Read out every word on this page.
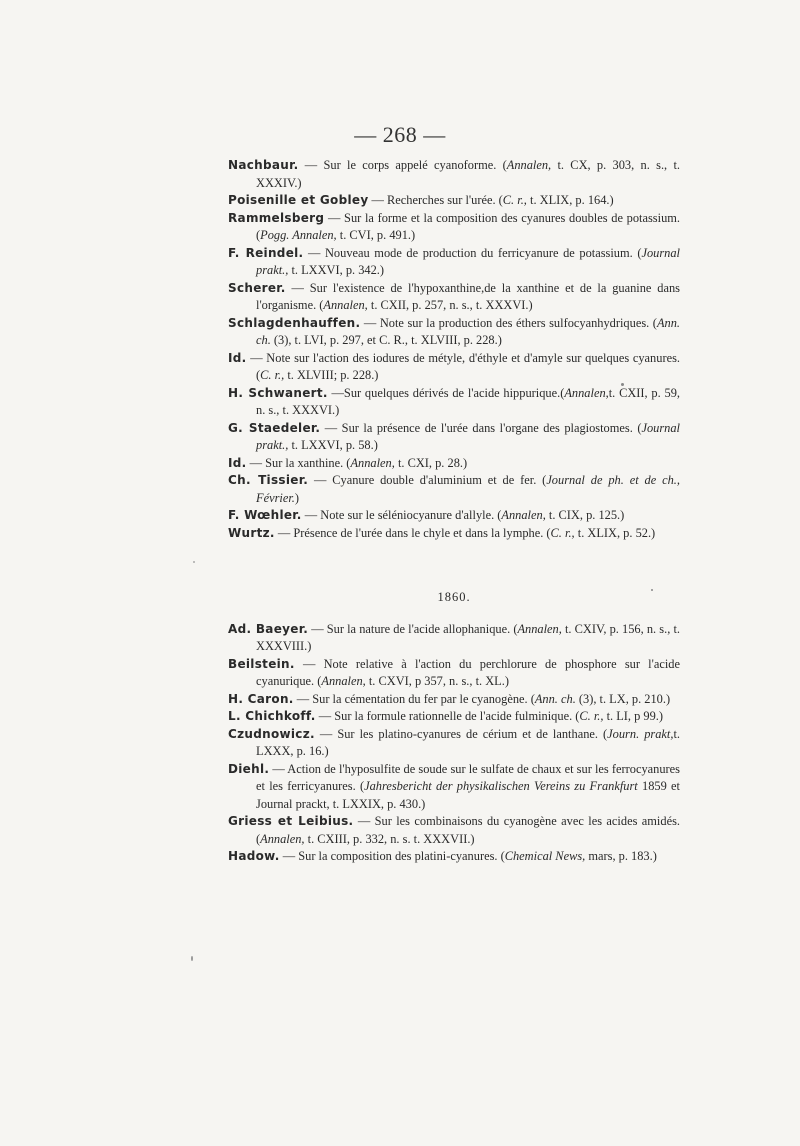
— 268 —

Nachbaur. — Sur le corps appelé cyanoforme. (Annalen, t. CX, p. 303, n. s., t. XXXIV.)

Poisenille et Gobley — Recherches sur l'urée. (C. r., t. XLIX, p. 164.)

Rammelsberg — Sur la forme et la composition des cyanures doubles de potassium. (Pogg. Annalen, t. CVI, p. 491.)

F. Reindel. — Nouveau mode de production du ferricyanure de potassium. (Journal prakt., t. LXXVI, p. 342.)

Scherer. — Sur l'existence de l'hypoxanthine,de la xanthine et de la guanine dans l'organisme. (Annalen, t. CXII, p. 257, n. s., t. XXXVI.)

Schlagdenhauffen. — Note sur la production des éthers sulfocyanhydriques. (Ann. ch. (3), t. LVI, p. 297, et C. R., t. XLVIII, p. 228.)

Id. — Note sur l'action des iodures de métyle, d'éthyle et d'amyle sur quelques cyanures. (C. r., t. XLVIII; p. 228.)

H. Schwanert. —Sur quelques dérivés de l'acide hippurique.(Annalen,t. CXII, p. 59, n. s., t. XXXVI.)

G. Staedeler. — Sur la présence de l'urée dans l'organe des plagiostomes. (Journal prakt., t. LXXVI, p. 58.)

Id. — Sur la xanthine. (Annalen, t. CXI, p. 28.)

Ch. Tissier. — Cyanure double d'aluminium et de fer. (Journal de ph. et de ch., Février.)

F. Wœhler. — Note sur le séléniocyanure d'allyle. (Annalen, t. CIX, p. 125.)

Wurtz. — Présence de l'urée dans le chyle et dans la lymphe. (C. r., t. XLIX, p. 52.)

1860.

Ad. Baeyer. — Sur la nature de l'acide allophanique. (Annalen, t. CXIV, p. 156, n. s., t. XXXVIII.)

Beilstein. — Note relative à l'action du perchlorure de phosphore sur l'acide cyanurique. (Annalen, t. CXVI, p 357, n. s., t. XL.)

H. Caron. — Sur la cémentation du fer par le cyanogène. (Ann. ch. (3), t. LX, p. 210.)

L. Chichkoff. — Sur la formule rationnelle de l'acide fulminique. (C. r., t. LI, p 99.)

Czudnowicz. — Sur les platino-cyanures de cérium et de lanthane. (Journ. prakt,t. LXXX, p. 16.)

Diehl. — Action de l'hyposulfite de soude sur le sulfate de chaux et sur les ferrocyanures et les ferricyanures. (Jahresbericht der physikalischen Vereins zu Frankfurt 1859 et Journal prackt, t. LXXIX, p. 430.)

Griess et Leibius. — Sur les combinaisons du cyanogène avec les acides amidés. (Annalen, t. CXIII, p. 332, n. s. t. XXXVII.)

Hadow. — Sur la composition des platini-cyanures. (Chemical News, mars, p. 183.)
